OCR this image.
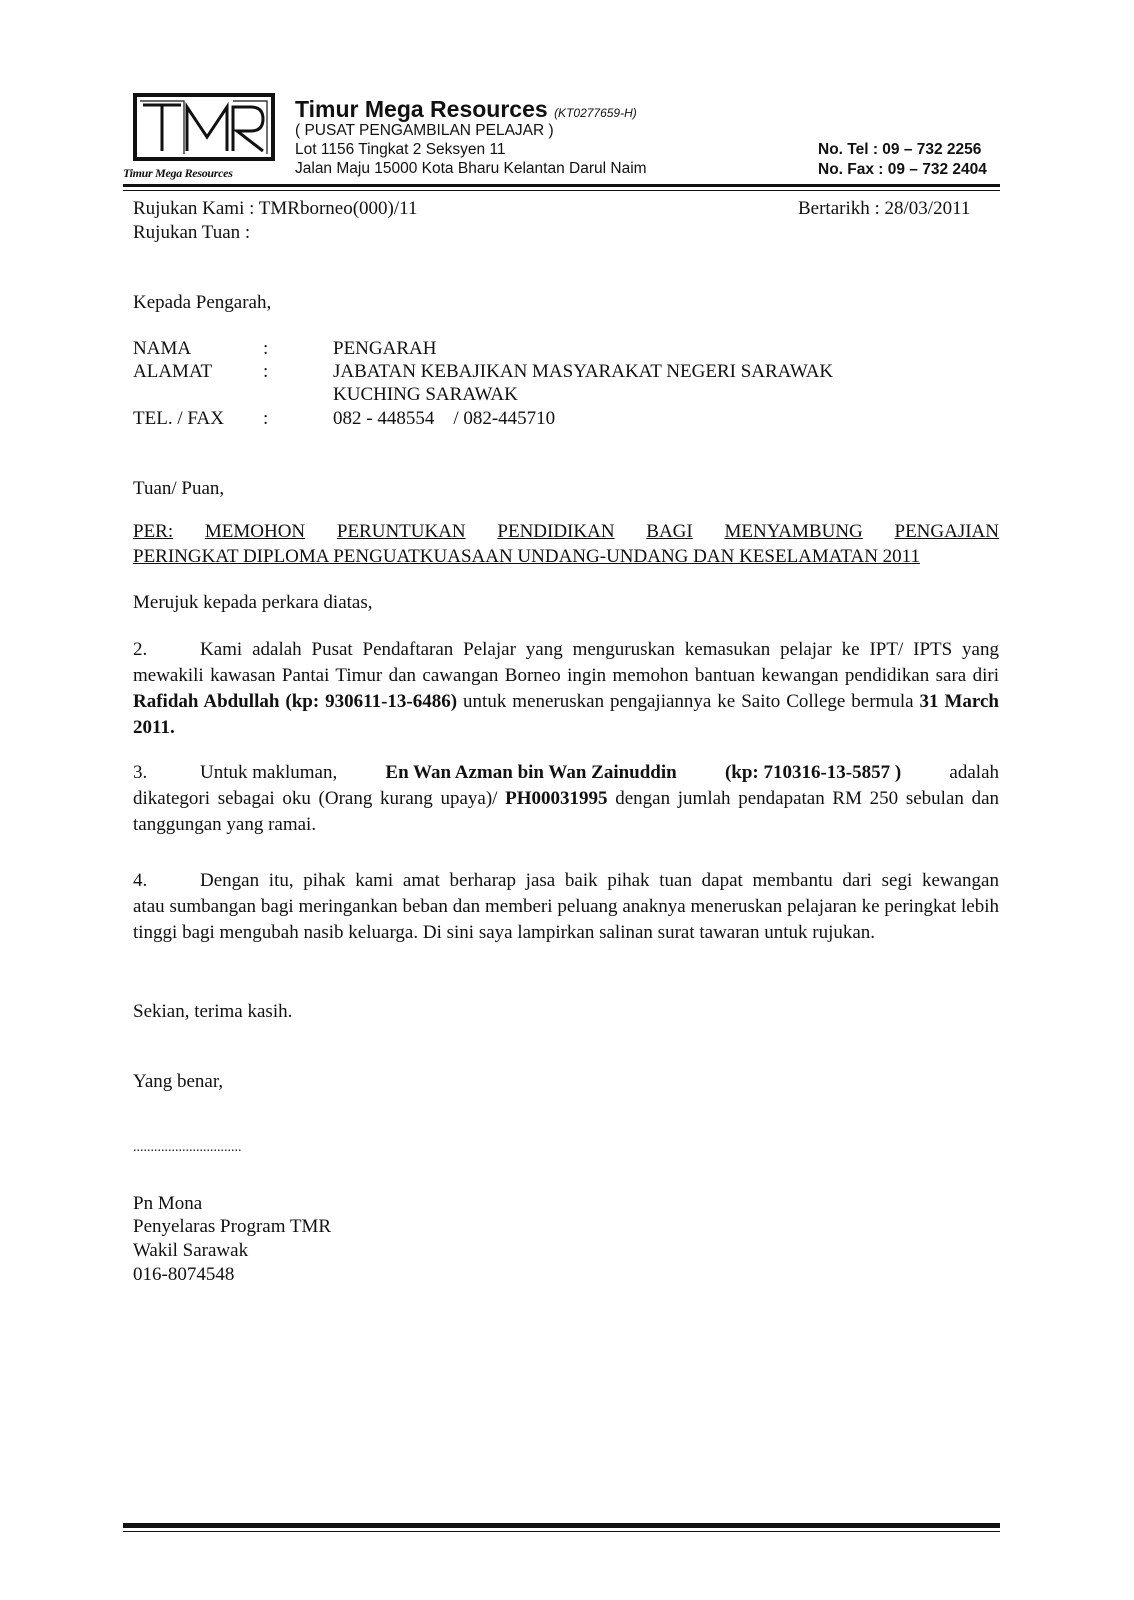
Timur Mega Resources
Timur Mega Resources (KT0277659-H)
( PUSAT PENGAMBILAN PELAJAR )
Lot 1156 Tingkat 2 Seksyen 11
Jalan Maju 15000 Kota Bharu Kelantan Darul Naim
No. Tel : 09 – 732 2256
No. Fax : 09 – 732 2404
Rujukan Kami : TMRborneo(000)/11
Rujukan Tuan :
Bertarikh : 28/03/2011
Kepada Pengarah,
NAMA	:	PENGARAH
ALAMAT	:	JABATAN KEBAJIKAN MASYARAKAT NEGERI SARAWAK
KUCHING SARAWAK
TEL. / FAX :	082 - 448554    / 082-445710
Tuan/ Puan,
PER: MEMOHON PERUNTUKAN PENDIDIKAN BAGI MENYAMBUNG PENGAJIAN
PERINGKAT DIPLOMA PENGUATKUASAAN UNDANG-UNDANG DAN KESELAMATAN 2011
Merujuk kepada perkara diatas,
2.	Kami adalah Pusat Pendaftaran Pelajar yang menguruskan kemasukan pelajar ke IPT/ IPTS yang
mewakili kawasan Pantai Timur dan cawangan Borneo ingin memohon bantuan kewangan pendidikan sara diri Rafidah Abdullah (kp: 930611-13-6486) untuk meneruskan pengajiannya ke Saito College bermula 31 March 2011.
3.	Untuk makluman,	En Wan Azman bin Wan Zainuddin	(kp: 710316-13-5857 )	adalah
dikategori sebagai oku (Orang kurang upaya)/ PH00031995 dengan jumlah pendapatan RM 250 sebulan dan tanggungan yang ramai.
4.	Dengan itu, pihak kami amat berharap jasa baik pihak tuan dapat membantu dari segi kewangan
atau sumbangan bagi meringankan beban dan memberi peluang anaknya meneruskan pelajaran ke peringkat lebih tinggi bagi mengubah nasib keluarga. Di sini saya lampirkan salinan surat tawaran untuk rujukan.
Sekian, terima kasih.
Yang benar,
...............................
Pn Mona
Penyelaras Program TMR
Wakil Sarawak
016-8074548
